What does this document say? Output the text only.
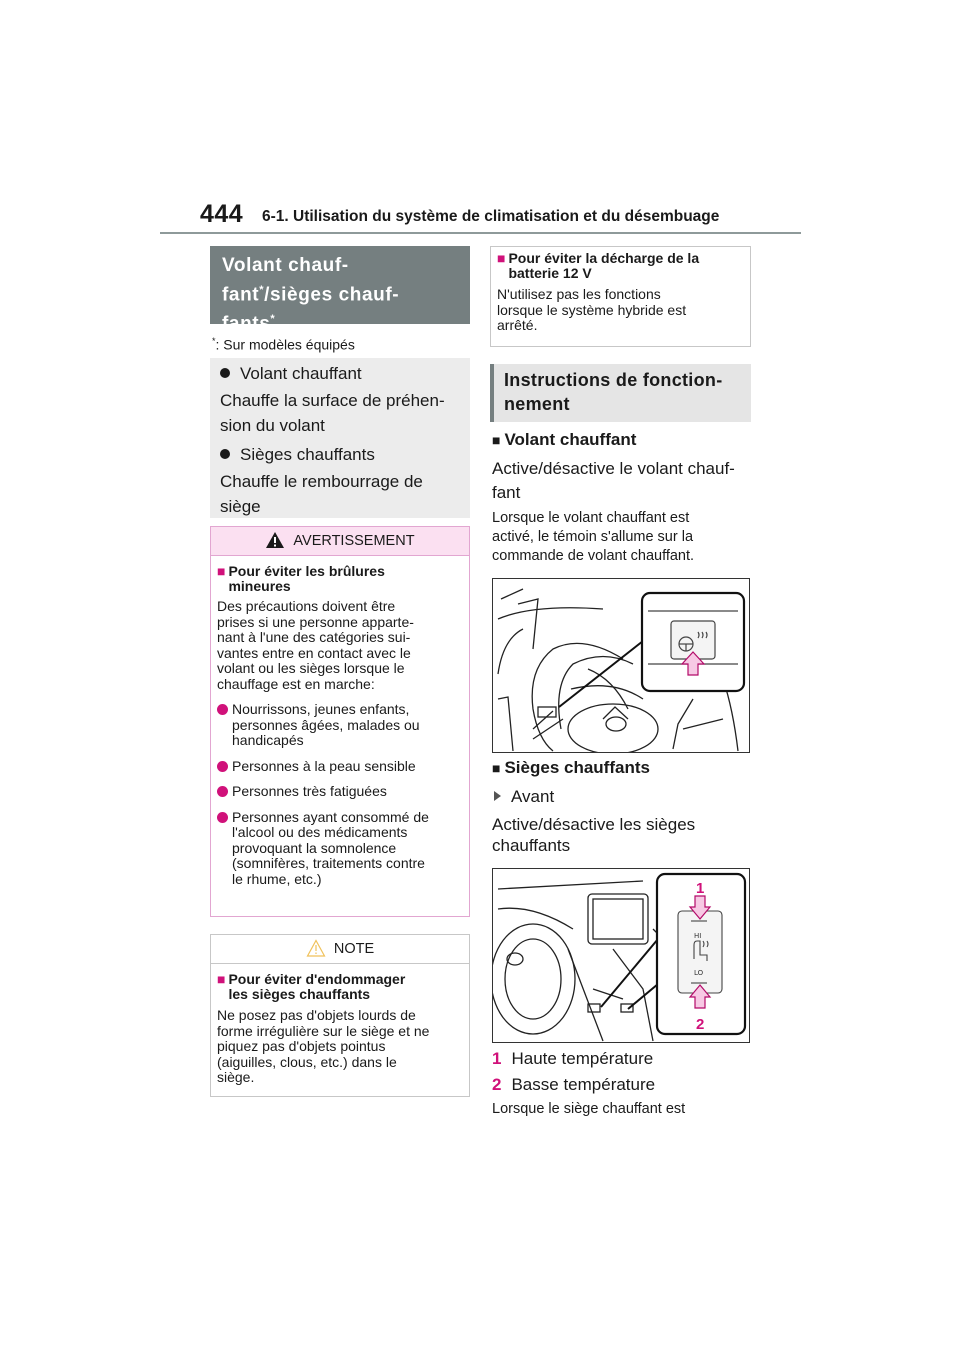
444 6-1. Utilisation du système de climatisation et du désembuage
Volant chauf-
fant*/sièges chauf-
fants*
*: Sur modèles équipés
Volant chauffant
Chauffe la surface de préhen-
sion du volant
Sièges chauffants
Chauffe le rembourrage de
siège
AVERTISSEMENT
■ Pour éviter les brûlures
mineures
Des précautions doivent être
prises si une personne apparte-
nant à l'une des catégories sui-
vantes entre en contact avec le
volant ou les sièges lorsque le
chauffage est en marche:
Nourrissons, jeunes enfants,
personnes âgées, malades ou
handicapés
Personnes à la peau sensible
Personnes très fatiguées
Personnes ayant consommé de
l'alcool ou des médicaments
provoquant la somnolence
(somnifères, traitements contre
le rhume, etc.)
NOTE
■ Pour éviter d'endommager
les sièges chauffants
Ne posez pas d'objets lourds de
forme irrégulière sur le siège et ne
piquez pas d'objets pointus
(aiguilles, clous, etc.) dans le
siège.
■ Pour éviter la décharge de la
batterie 12 V
N'utilisez pas les fonctions
lorsque le système hybride est
arrêté.
Instructions de fonction-
nement
■ Volant chauffant
Active/désactive le volant chauf-
fant
Lorsque le volant chauffant est
activé, le témoin s'allume sur la
commande de volant chauffant.
■ Sièges chauffants
Avant
Active/désactive les sièges
chauffants
HI
LO
1
2
1 Haute température
2 Basse température
Lorsque le siège chauffant est
